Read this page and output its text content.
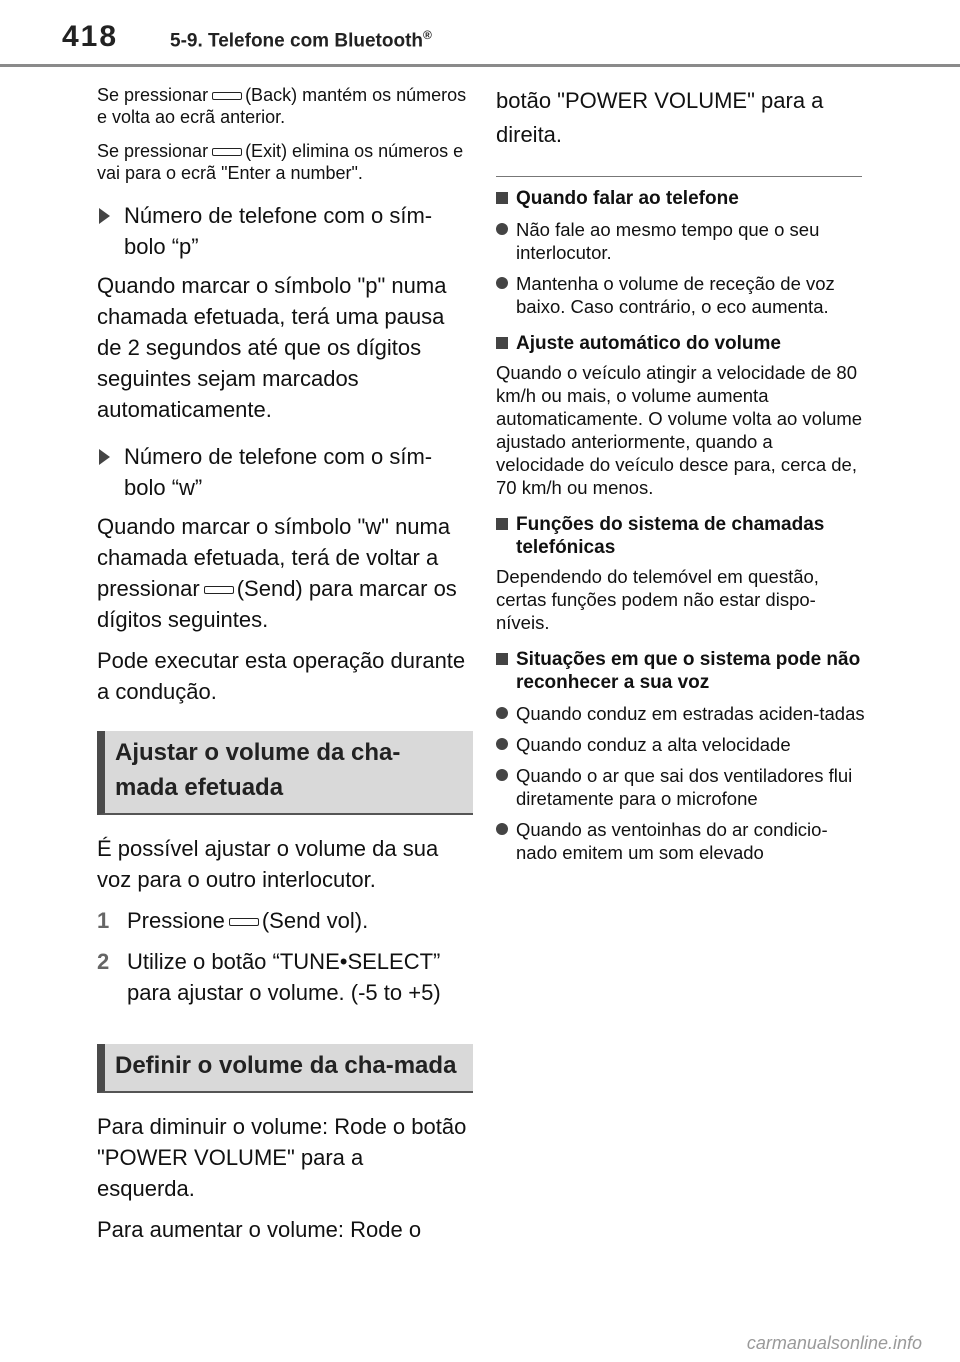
418	5-9. Telefone com Bluetooth®

Se pressionar (Back) mantém os números e volta ao ecrã anterior.

Se pressionar (Exit) elimina os números e vai para o ecrã "Enter a number".

Número de telefone com o sím-bolo “p”

Quando marcar o símbolo "p" numa chamada efetuada, terá uma pausa de 2 segundos até que os dígitos seguintes sejam marcados automaticamente.

Número de telefone com o sím-bolo “w”

Quando marcar o símbolo "w" numa chamada efetuada, terá de voltar a pressionar (Send) para marcar os dígitos seguintes.

Pode executar esta operação durante a condução.

Ajustar o volume da cha-mada efetuada

É possível ajustar o volume da sua voz para o outro interlocutor.

1 Pressione (Send vol).
2 Utilize o botão “TUNE•SELECT” para ajustar o volume. (-5 to +5)
Definir o volume da cha-mada

Para diminuir o volume: Rode o botão "POWER VOLUME" para a esquerda.

Para aumentar o volume: Rode o

botão "POWER VOLUME" para a direita.

Quando falar ao telefone
Não fale ao mesmo tempo que o seu interlocutor.
Mantenha o volume de receção de voz baixo. Caso contrário, o eco aumenta.
Ajuste automático do volume

Quando o veículo atingir a velocidade de 80 km/h ou mais, o volume aumenta automaticamente. O volume volta ao volume ajustado anteriormente, quando a velocidade do veículo desce para, cerca de, 70 km/h ou menos.

Funções do sistema de chamadas telefónicas

Dependendo do telemóvel em questão, certas funções podem não estar dispo-níveis.

Situações em que o sistema pode não reconhecer a sua voz
Quando conduz em estradas aciden-tadas
Quando conduz a alta velocidade
Quando o ar que sai dos ventiladores flui diretamente para o microfone
Quando as ventoinhas do ar condicio-nado emitem um som elevado
carmanualsonline.info
